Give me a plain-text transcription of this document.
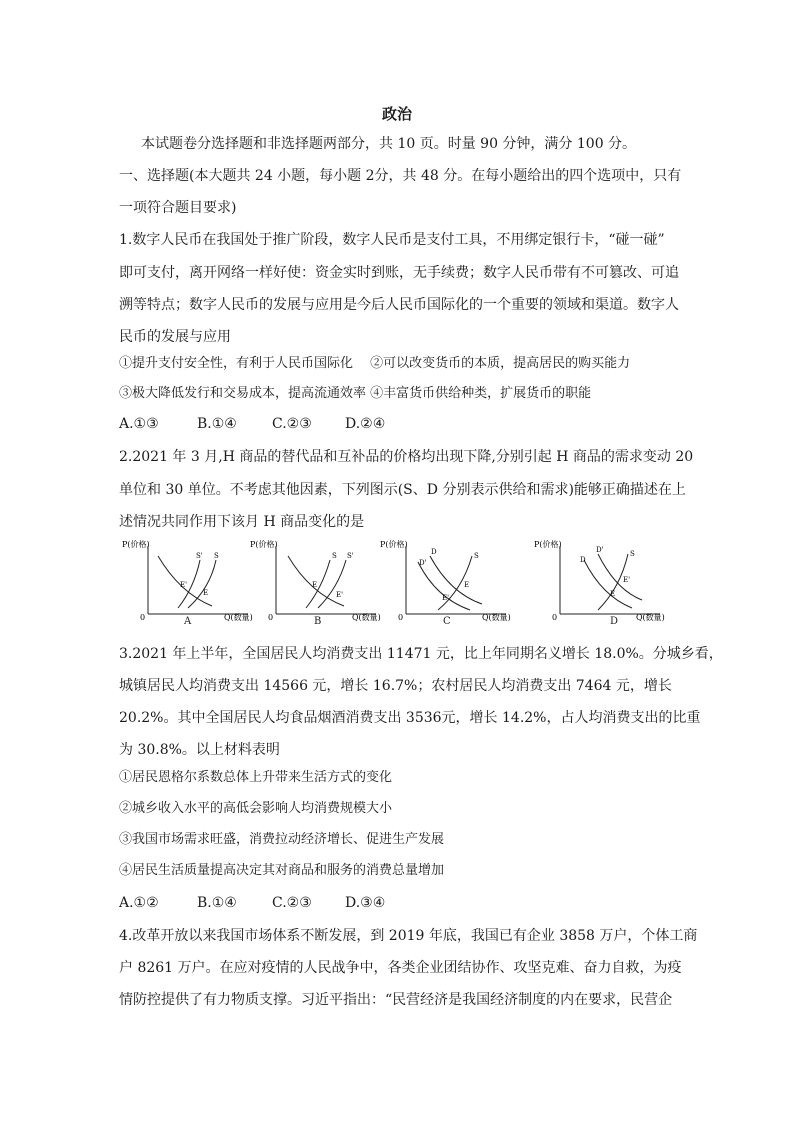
政治

本试题卷分选择题和非选择题两部分，共 10 页。时量 90 分钟，满分 100 分。

一、选择题(本大题共 24 小题，每小题 2分，共 48 分。在每小题给出的四个选项中，只有

一项符合题目要求)

1.数字人民币在我国处于推广阶段，数字人民币是支付工具，不用绑定银行卡，“碰一碰”

即可支付，离开网络一样好使：资金实时到账，无手续费；数字人民币带有不可篡改、可追

溯等特点；数字人民币的发展与应用是今后人民币国际化的一个重要的领域和渠道。数字人

民币的发展与应用

①提升支付安全性，有利于人民币国际化　 ②可以改变货币的本质，提高居民的购买能力

③极大降低发行和交易成本，提高流通效率 ④丰富货币供给种类，扩展货币的职能

A.①③	B.①④	C.②③ D.②④

2.2021 年 3 月,H 商品的替代品和互补品的价格均出现下降,分别引起 H 商品的需求变动 20

单位和 30 单位。不考虑其他因素，下列图示(S、D 分别表示供给和需求)能够正确描述在上

述情况共同作用下该月 H 商品变化的是

P(价格)
0	Q(数量)
S' S
E'
E
A
P(价格)
0	Q(数量)
S S'
E
E'
B
P(价格)
0	Q(数量)
D
D'
S
E
E'
C
P(价格)
0	Q(数量)
D'
D
S
E'
E
D

3.2021 年上半年，全国居民人均消费支出 11471 元，比上年同期名义增长 18.0%。分城乡看，

城镇居民人均消费支出 14566 元，增长 16.7%；农村居民人均消费支出 7464 元，增长

20.2%。其中全国居民人均食品烟酒消费支出 3536元，增长 14.2%，占人均消费支出的比重

为 30.8%。以上材料表明

①居民恩格尔系数总体上升带来生活方式的变化

②城乡收入水平的高低会影响人均消费规模大小

③我国市场需求旺盛，消费拉动经济增长、促进生产发展

④居民生活质量提高决定其对商品和服务的消费总量增加

A.①②	B.①④	C.②③ D.③④

4.改革开放以来我国市场体系不断发展，到 2019 年底，我国已有企业 3858 万户，个体工商

户 8261 万户。在应对疫情的人民战争中，各类企业团结协作、攻坚克难、奋力自救，为疫

情防控提供了有力物质支撑。习近平指出：“民营经济是我国经济制度的内在要求，民营企
